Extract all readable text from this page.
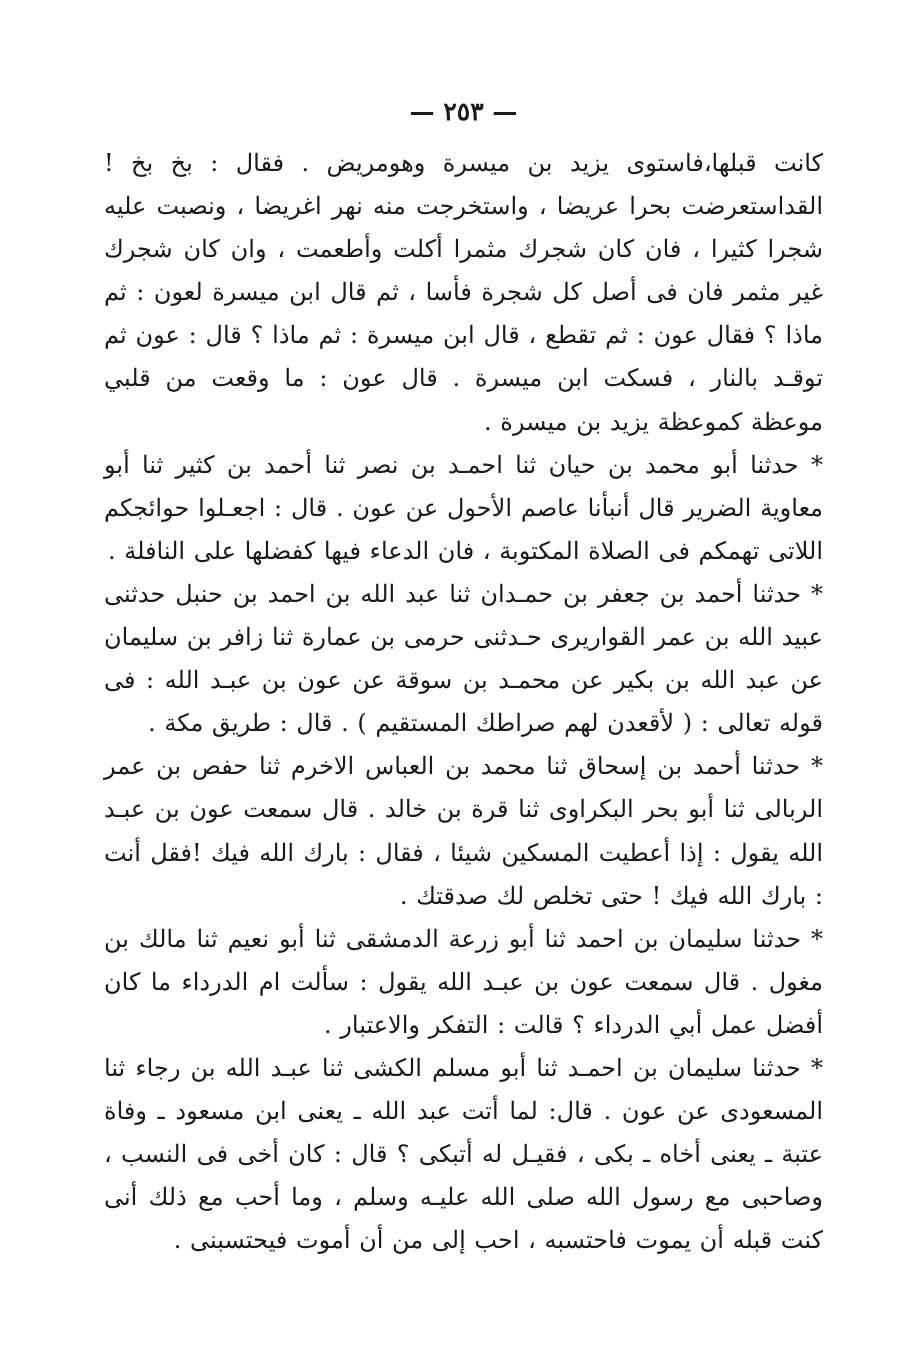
— ٢٥٣ —

كانت قبلها،فاستوى يزيد بن ميسرة وهومريض . فقال : بخ بخ !القداستعرضت بحرا عريضا ، واستخرجت منه نهر اغريضا ، ونصبت عليه شجرا كثيرا ، فان كان شجرك مثمرا أكلت وأطعمت ، وان كان شجرك غير مثمر فان فى أصل كل شجرة فأسا ، ثم قال ابن ميسرة لعون : ثم ماذا ؟ فقال عون : ثم تقطع ، قال ابن ميسرة : ثم ماذا ؟ قال : عون ثم توقـد بالنار ، فسكت ابن ميسرة . قال عون : ما وقعت من قلبي موعظة كموعظة يزيد بن ميسرة .

* حدثنا أبو محمد بن حيان ثنا احمـد بن نصر ثنا أحمد بن كثير ثنا أبو معاوية الضرير قال أنبأنا عاصم الأحول عن عون . قال : اجعـلوا حوائجكم اللاتى تهمكم فى الصلاة المكتوبة ، فان الدعاء فيها كفضلها على النافلة .

* حدثنا أحمد بن جعفر بن حمـدان ثنا عبد الله بن احمد بن حنبل حدثنى عبيد الله بن عمر القواريرى حـدثنى حرمى بن عمارة ثنا زافر بن سليمان عن عبد الله بن بكير عن محمـد بن سوقة عن عون بن عبـد الله : فى قوله تعالى : ( لأقعدن لهم صراطك المستقيم ) . قال : طريق مكة .

* حدثنا أحمد بن إسحاق ثنا محمد بن العباس الاخرم ثنا حفص بن عمر الربالى ثنا أبو بحر البكراوى ثنا قرة بن خالد . قال سمعت عون بن عبـد الله يقول : إذا أعطيت المسكين شيئا ، فقال : بارك الله فيك !فقل أنت : بارك الله فيك ! حتى تخلص لك صدقتك .

* حدثنا سليمان بن احمد ثنا أبو زرعة الدمشقى ثنا أبو نعيم ثنا مالك بن مغول . قال سمعت عون بن عبـد الله يقول : سألت ام الدرداء ما كان أفضل عمل أبي الدرداء ؟ قالت : التفكر والاعتبار .

* حدثنا سليمان بن احمـد ثنا أبو مسلم الكشى ثنا عبـد الله بن رجاء ثنا المسعودى عن عون . قال: لما أتت عبد الله ـ يعنى ابن مسعود ـ وفاة عتبة ـ يعنى أخاه ـ بكى ، فقيـل له أتبكى ؟ قال : كان أخى فى النسب ، وصاحبى مع رسول الله صلى الله عليـه وسلم ، وما أحب مع ذلك أنى كنت قبله أن يموت فاحتسبه ، احب إلى من أن أموت فيحتسبنى .
